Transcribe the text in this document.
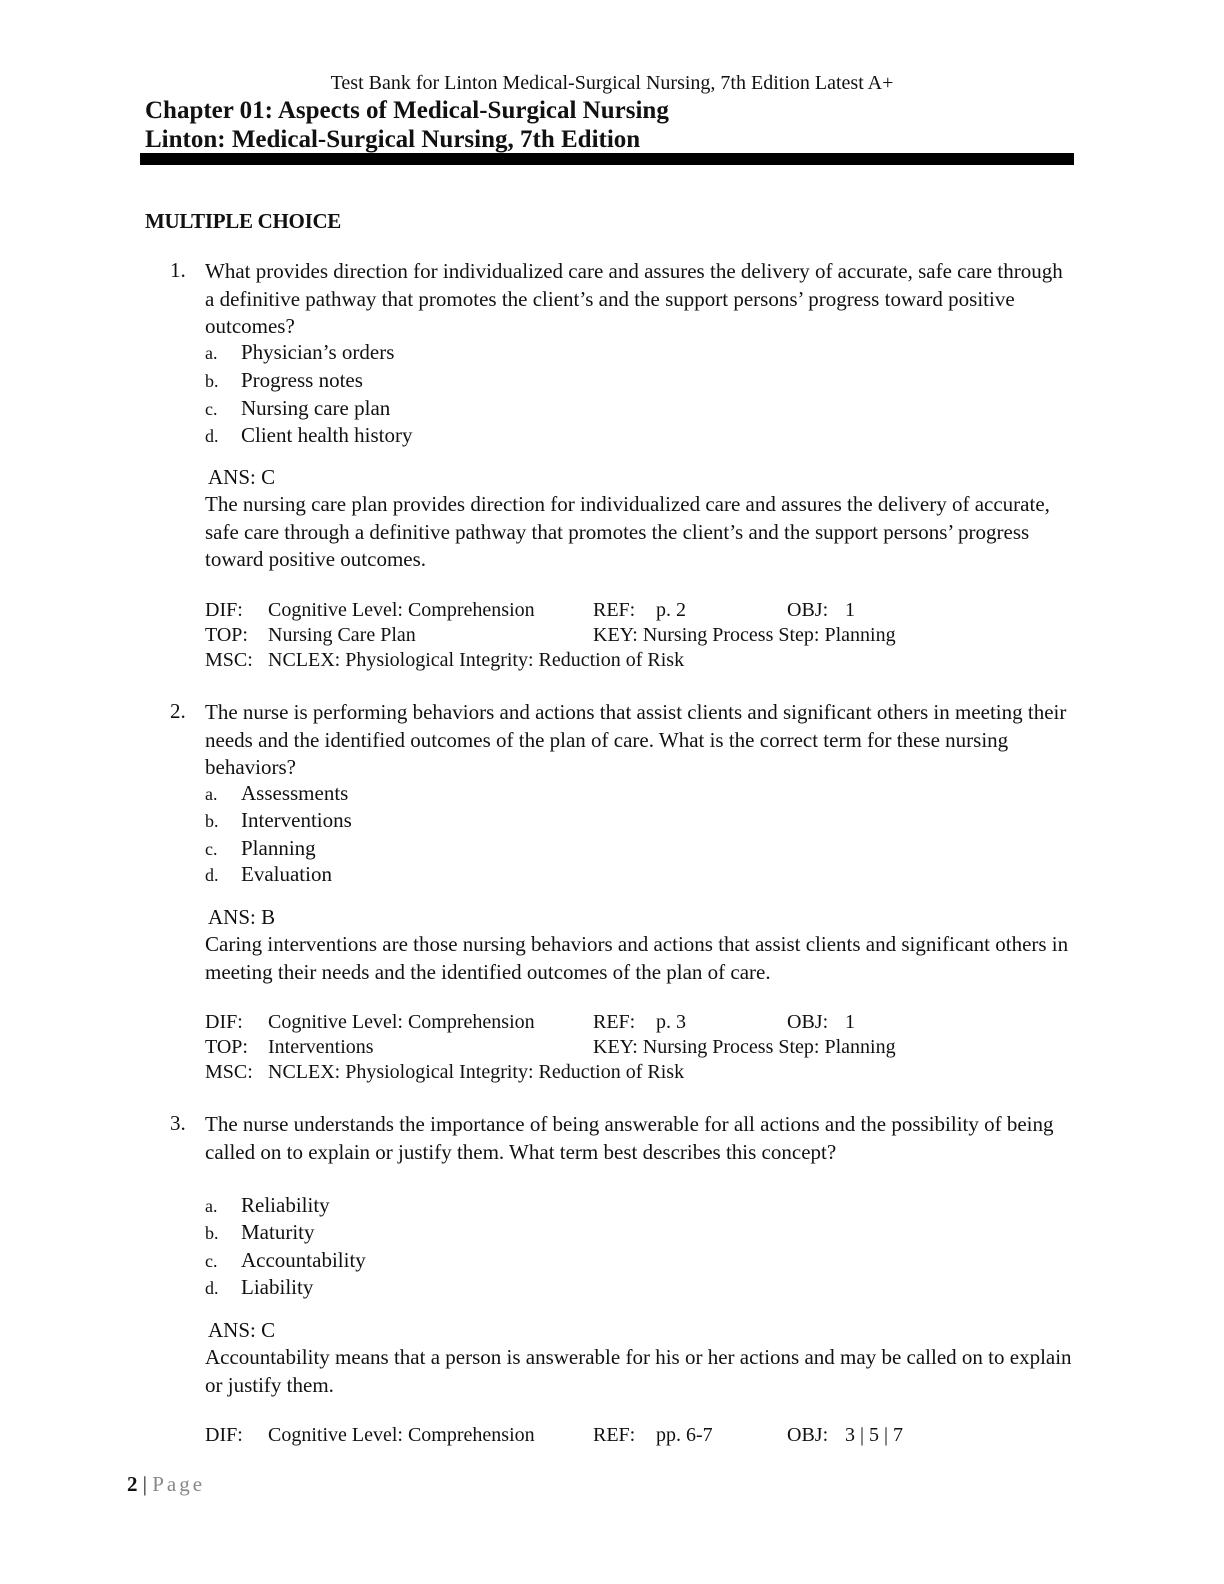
Test Bank for Linton Medical-Surgical Nursing, 7th Edition Latest A+
Chapter 01: Aspects of Medical-Surgical Nursing
Linton: Medical-Surgical Nursing, 7th Edition
MULTIPLE CHOICE
1. What provides direction for individualized care and assures the delivery of accurate, safe care through a definitive pathway that promotes the client’s and the support persons’ progress toward positive outcomes?
a. Physician’s orders
b. Progress notes
c. Nursing care plan
d. Client health history
ANS: C
The nursing care plan provides direction for individualized care and assures the delivery of accurate, safe care through a definitive pathway that promotes the client’s and the support persons’ progress toward positive outcomes.
DIF: Cognitive Level: Comprehension	REF: p. 2	OBJ: 1
TOP: Nursing Care Plan	KEY: Nursing Process Step: Planning
MSC: NCLEX: Physiological Integrity: Reduction of Risk
2. The nurse is performing behaviors and actions that assist clients and significant others in meeting their needs and the identified outcomes of the plan of care. What is the correct term for these nursing behaviors?
a. Assessments
b. Interventions
c. Planning
d. Evaluation
ANS: B
Caring interventions are those nursing behaviors and actions that assist clients and significant others in meeting their needs and the identified outcomes of the plan of care.
DIF: Cognitive Level: Comprehension	REF: p. 3	OBJ: 1
TOP: Interventions	KEY: Nursing Process Step: Planning
MSC: NCLEX: Physiological Integrity: Reduction of Risk
3. The nurse understands the importance of being answerable for all actions and the possibility of being called on to explain or justify them. What term best describes this concept?
a. Reliability
b. Maturity
c. Accountability
d. Liability
ANS: C
Accountability means that a person is answerable for his or her actions and may be called on to explain or justify them.
DIF: Cognitive Level: Comprehension	REF: pp. 6-7	OBJ: 3 | 5 | 7
2 | Page
